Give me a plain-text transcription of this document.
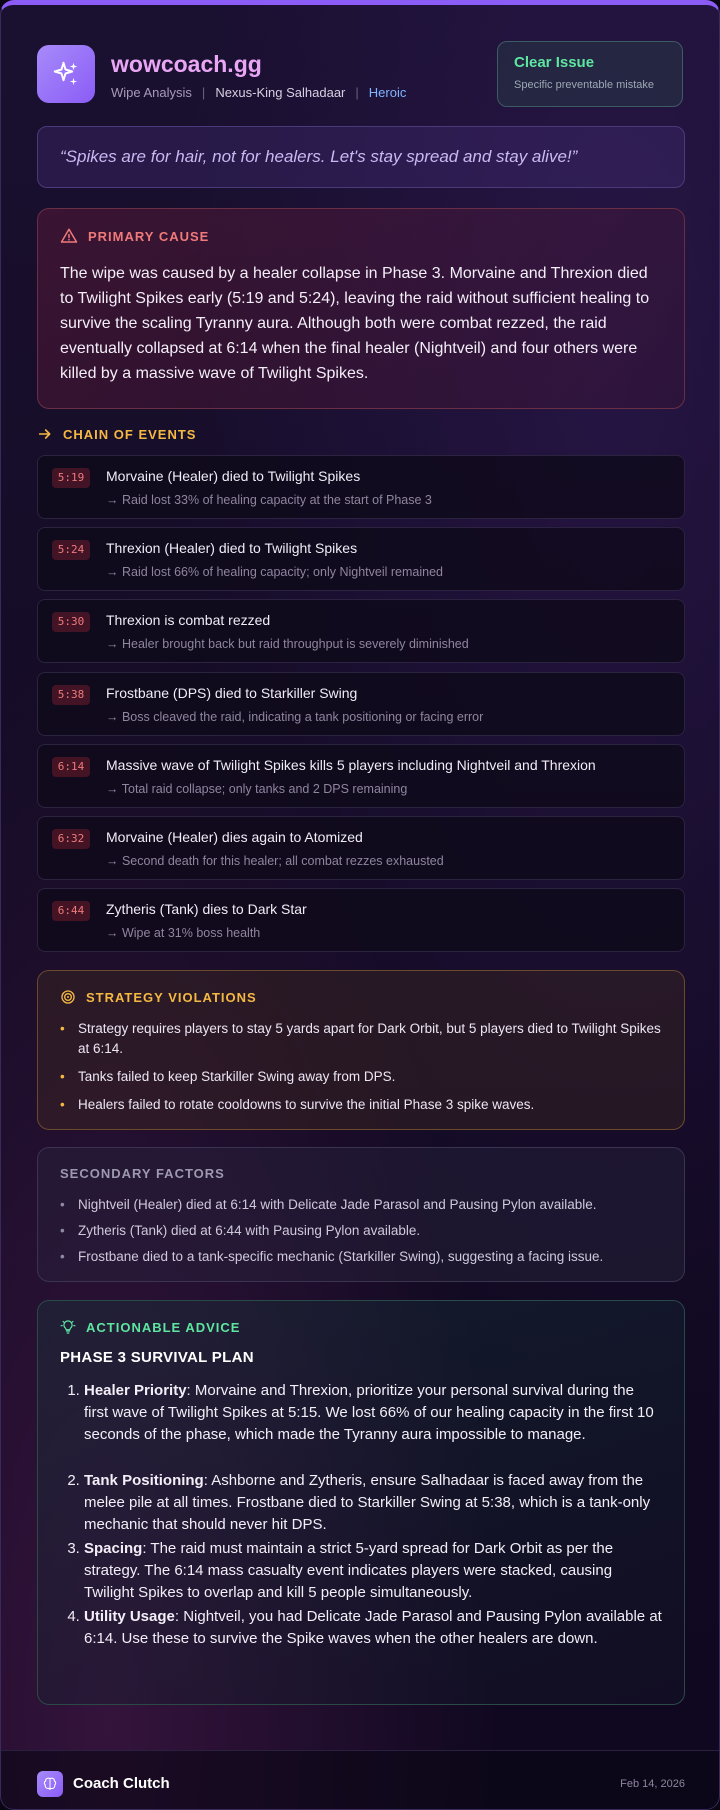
wowcoach.gg
Wipe Analysis | Nexus-King Salhadaar | Heroic
Clear Issue
Specific preventable mistake
“Spikes are for hair, not for healers. Let's stay spread and stay alive!”
PRIMARY CAUSE

The wipe was caused by a healer collapse in Phase 3. Morvaine and Threxion died to Twilight Spikes early (5:19 and 5:24), leaving the raid without sufficient healing to survive the scaling Tyranny aura. Although both were combat rezzed, the raid eventually collapsed at 6:14 when the final healer (Nightveil) and four others were killed by a massive wave of Twilight Spikes.

CHAIN OF EVENTS
5:19	Morvaine (Healer) died to Twilight Spikes
→ Raid lost 33% of healing capacity at the start of Phase 3
5:24	Threxion (Healer) died to Twilight Spikes
→ Raid lost 66% of healing capacity; only Nightveil remained
5:30	Threxion is combat rezzed
→ Healer brought back but raid throughput is severely diminished
5:38	Frostbane (DPS) died to Starkiller Swing
→ Boss cleaved the raid, indicating a tank positioning or facing error
6:14	Massive wave of Twilight Spikes kills 5 players including Nightveil and Threxion
→ Total raid collapse; only tanks and 2 DPS remaining
6:32	Morvaine (Healer) dies again to Atomized
→ Second death for this healer; all combat rezzes exhausted
6:44	Zytheris (Tank) dies to Dark Star
→ Wipe at 31% boss health
STRATEGY VIOLATIONS
• Strategy requires players to stay 5 yards apart for Dark Orbit, but 5 players died to Twilight Spikes at 6:14.
• Tanks failed to keep Starkiller Swing away from DPS.
• Healers failed to rotate cooldowns to survive the initial Phase 3 spike waves.
SECONDARY FACTORS
• Nightveil (Healer) died at 6:14 with Delicate Jade Parasol and Pausing Pylon available.
• Zytheris (Tank) died at 6:44 with Pausing Pylon available.
• Frostbane died to a tank-specific mechanic (Starkiller Swing), suggesting a facing issue.
ACTIONABLE ADVICE
PHASE 3 SURVIVAL PLAN
1. Healer Priority: Morvaine and Threxion, prioritize your personal survival during the first wave of Twilight Spikes at 5:15. We lost 66% of our healing capacity in the first 10 seconds of the phase, which made the Tyranny aura impossible to manage.
2. Tank Positioning: Ashborne and Zytheris, ensure Salhadaar is faced away from the melee pile at all times. Frostbane died to Starkiller Swing at 5:38, which is a tank-only mechanic that should never hit DPS.
3. Spacing: The raid must maintain a strict 5-yard spread for Dark Orbit as per the strategy. The 6:14 mass casualty event indicates players were stacked, causing Twilight Spikes to overlap and kill 5 people simultaneously.
4. Utility Usage: Nightveil, you had Delicate Jade Parasol and Pausing Pylon available at 6:14. Use these to survive the Spike waves when the other healers are down.
Coach Clutch	Feb 14, 2026
